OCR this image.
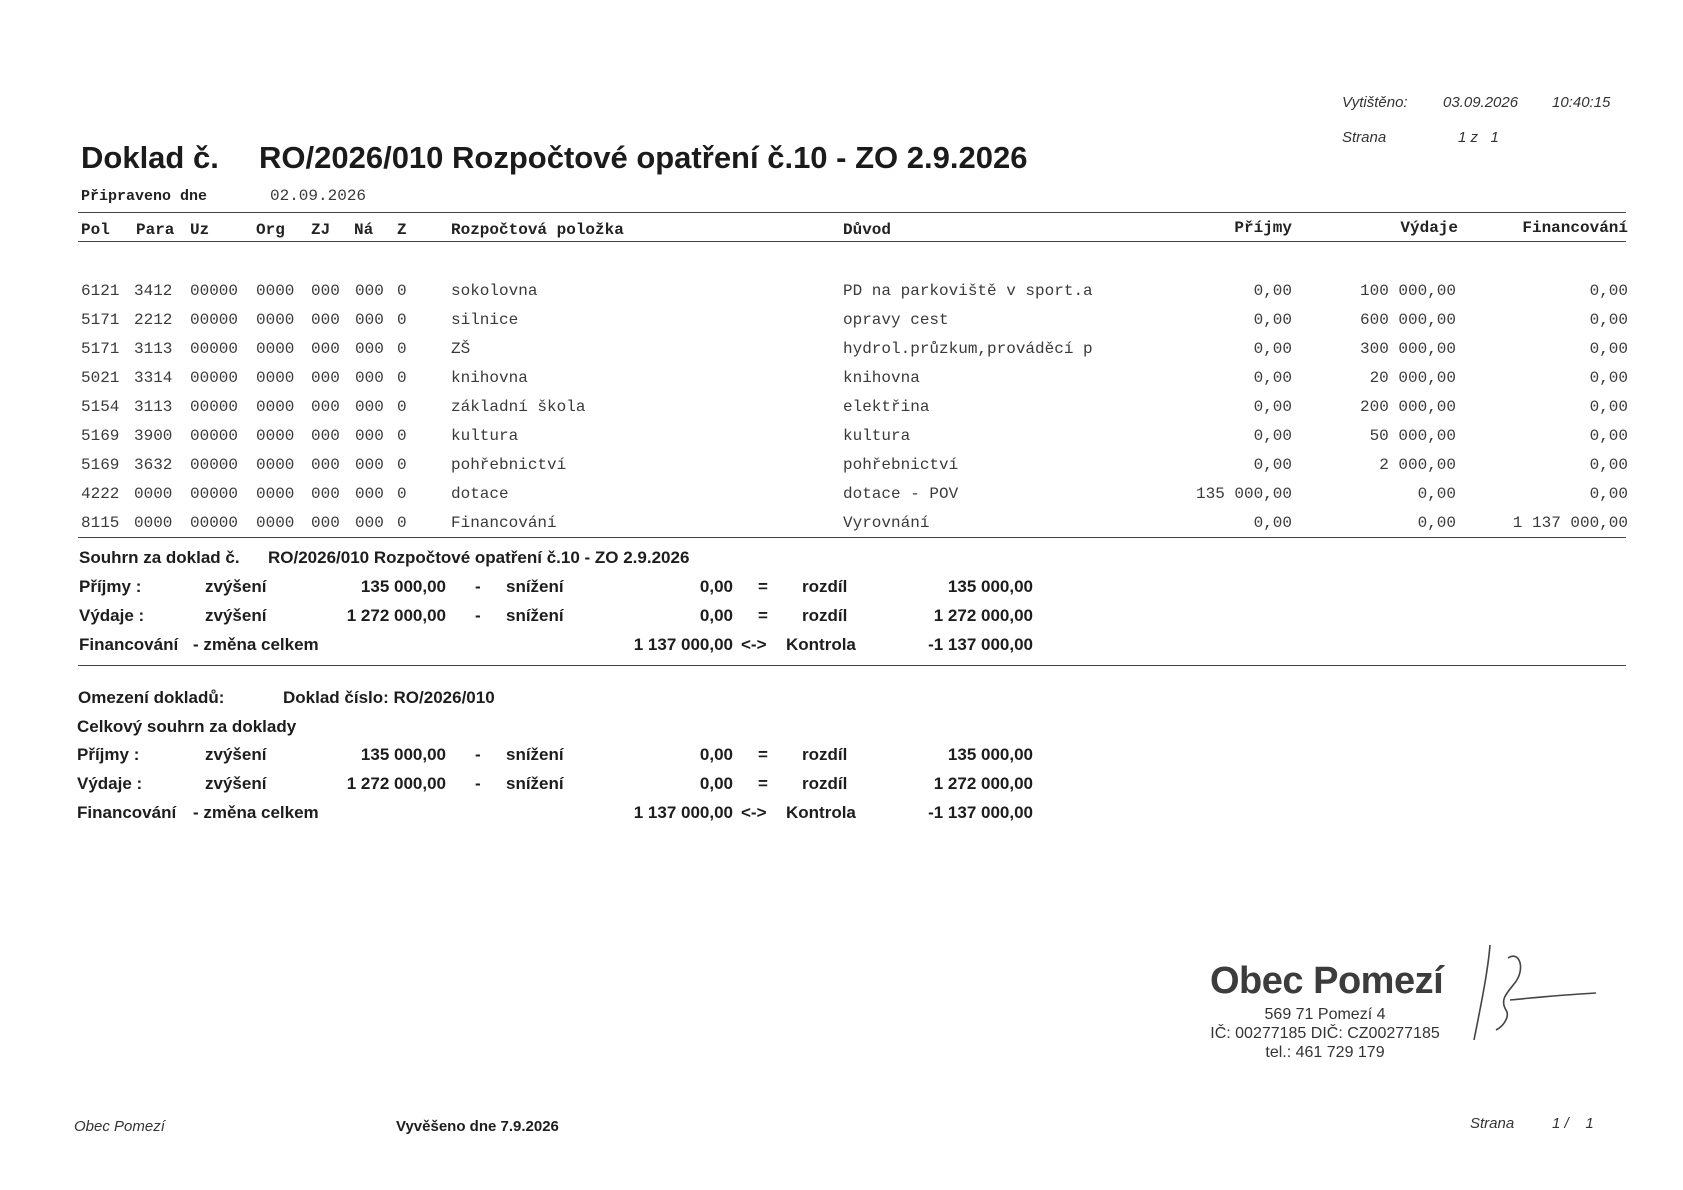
Vytištěno: 03.09.2026 10:40:15
Strana	1 z   1
Doklad č. RO/2026/010 Rozpočtové opatření č.10 - ZO 2.9.2026
Připraveno dne	02.09.2026
Pol Para Uz	Org ZJ Ná Z	Rozpočtová položka	Důvod	Příjmy	Výdaje	Financování
6121 3412 00000 0000 000 000 0	sokolovna	PD na parkoviště v sport.a	0,00	100 000,00	0,00
5171 2212 00000 0000 000 000 0	silnice	opravy cest	0,00	600 000,00	0,00
5171 3113 00000 0000 000 000 0	ZŠ	hydrol.průzkum,prováděcí p	0,00	300 000,00	0,00
5021 3314 00000 0000 000 000 0	knihovna	knihovna	0,00	20 000,00	0,00
5154 3113 00000 0000 000 000 0	základní škola	elektřina	0,00	200 000,00	0,00
5169 3900 00000 0000 000 000 0	kultura	kultura	0,00	50 000,00	0,00
5169 3632 00000 0000 000 000 0	pohřebnictví	pohřebnictví	0,00	2 000,00	0,00
4222 0000 00000 0000 000 000 0	dotace	dotace - POV	135 000,00	0,00	0,00
8115 0000 00000 0000 000 000 0	Financování	Vyrovnání	0,00	0,00	1 137 000,00
Souhrn za doklad č. RO/2026/010 Rozpočtové opatření č.10 - ZO 2.9.2026
Příjmy :	zvýšení	135 000,00 - snížení	0,00 = rozdíl	135 000,00
Výdaje :	zvýšení	1 272 000,00 - snížení	0,00 = rozdíl	1 272 000,00
Financování - změna celkem	1 137 000,00 <-> Kontrola	-1 137 000,00
Omezení dokladů:	Doklad číslo: RO/2026/010
Celkový souhrn za doklady
Příjmy :	zvýšení	135 000,00 - snížení	0,00 = rozdíl	135 000,00
Výdaje :	zvýšení	1 272 000,00 - snížení	0,00 = rozdíl	1 272 000,00
Financování - změna celkem	1 137 000,00 <-> Kontrola	-1 137 000,00
Obec Pomezí
569 71 Pomezí 4
IČ: 00277185 DIČ: CZ00277185
tel.: 461 729 179
Obec Pomezí	Vyvěšeno dne 7.9.2026	Strana	1 /    1
